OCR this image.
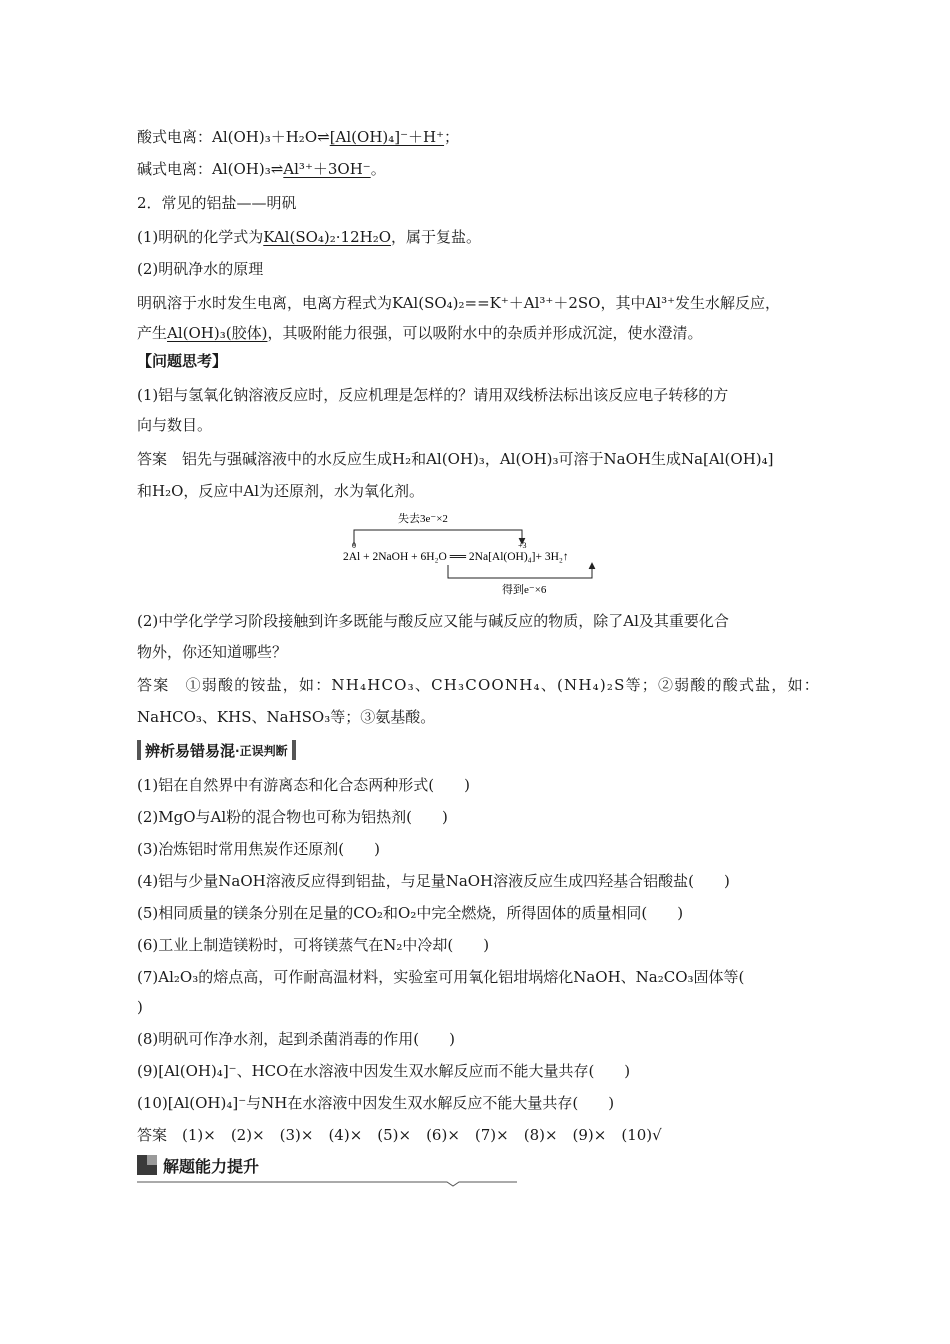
酸式电离：Al(OH)₃＋H₂O⇌[Al(OH)₄]⁻＋H⁺；
碱式电离：Al(OH)₃⇌Al³⁺＋3OH⁻。
2．常见的铝盐——明矾
(1)明矾的化学式为KAl(SO₄)₂·12H₂O，属于复盐。
(2)明矾净水的原理
明矾溶于水时发生电离，电离方程式为KAl(SO₄)₂==K⁺＋Al³⁺＋2SO，其中Al³⁺发生水解反应，
产生Al(OH)₃(胶体)，其吸附能力很强，可以吸附水中的杂质并形成沉淀，使水澄清。
【问题思考】
(1)铝与氢氧化钠溶液反应时，反应机理是怎样的？请用双线桥法标出该反应电子转移的方
向与数目。
答案　铝先与强碱溶液中的水反应生成H₂和Al(OH)₃，Al(OH)₃可溶于NaOH生成Na[Al(OH)₄]
和H₂O，反应中Al为还原剂，水为氧化剂。
失去3e⁻×2
0	+3
2Al + 2NaOH + 6H₂O ══ 2Na[Al(OH)₄]+ 3H₂↑
得到e⁻×6
(2)中学化学学习阶段接触到许多既能与酸反应又能与碱反应的物质，除了Al及其重要化合
物外，你还知道哪些？
答案　①弱酸的铵盐，如：NH₄HCO₃、CH₃COONH₄、(NH₄)₂S等；②弱酸的酸式盐，如：
NaHCO₃、KHS、NaHSO₃等；③氨基酸。
辨析易错易混 ·正误判断
(1)铝在自然界中有游离态和化合态两种形式(　　)
(2)MgO与Al粉的混合物也可称为铝热剂(　　)
(3)冶炼铝时常用焦炭作还原剂(　　)
(4)铝与少量NaOH溶液反应得到铝盐，与足量NaOH溶液反应生成四羟基合铝酸盐(　　)
(5)相同质量的镁条分别在足量的CO₂和O₂中完全燃烧，所得固体的质量相同(　　)
(6)工业上制造镁粉时，可将镁蒸气在N₂中冷却(　　)
(7)Al₂O₃的熔点高，可作耐高温材料，实验室可用氧化铝坩埚熔化NaOH、Na₂CO₃固体等(
)
(8)明矾可作净水剂，起到杀菌消毒的作用(　　)
(9)[Al(OH)₄]⁻、HCO在水溶液中因发生双水解反应而不能大量共存(　　)
(10)[Al(OH)₄]⁻与NH在水溶液中因发生双水解反应不能大量共存(　　)
答案　(1)×　(2)×　(3)×　(4)×　(5)×　(6)×　(7)×　(8)×　(9)×　(10)√
解题能力提升
